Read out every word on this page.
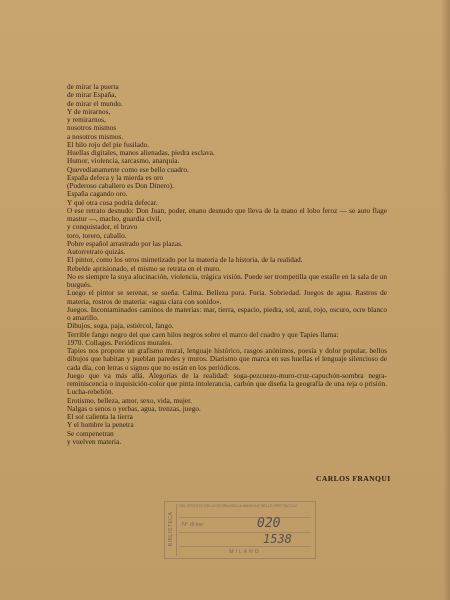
de mirar la puerta
de mirar España,
de mirar el mundo.
Y de mirarnos,
y remirarnos,
nosotros mismos
a nosotros mismos.
El hilo rojo del pie fusilado.
Huellas digitales, manos alienadas, piedra esclava.
Humor, violencia, sarcasmo, anarquía.
Quevedianamente como ese bello cuadro.
España defeca y la mierda es oro
(Poderoso caballero es Don Dinero).
España cagando oro.
Y qué otra cosa podría defecar.
O ese retrato desnudo: Don Juan, poder, enano desnudo que lleva de la mano el lobo feroz — se auto flage mastur —, macho, guardia civil,
y conquistador, el bravo
toro, torero, caballo.
Pobre español arrastrado por las plazas.
Autorretrato quizás.
El pintor, como los otros mimetizado por la materia de la historia, de la realidad.
Rebelde aprisionado, el mismo se retrata en el muro.
No es siempre la suya alucinación, violencia, trágica visión. Puede ser trompetilla que estalle en la sala de un burgués.
Luego el pintor se serenat, se sueña. Calma. Belleza pura. Furia. Sobriedad. Juegos de agua. Rastros de materia, rostros de materia: «agua clara con sonido».
Juegos. Incontaminados caminos de materias: mar, tierra, espacio, piedra, sol, azul, rojo, oscuro, ocre blanco o amarillo.
Dibujos, soga, paja, estiércol, fango.
Terrible fango negro del que caen hilos negros sobre el marco del cuadro y que Tapies llama:
1970. Collages. Periódicos murales.
Tapies nos propone un grafismo mural, lenguaje histórico, rasgos anónimos, poesía y dolor popular, bellos dibujos que habitan y pueblan paredes y muros. Diarismo que marca en sus huellas el lenguaje silencioso de cada día, con letras o signos que no están en los periódicos.
Juego que va más allá. Alegorías de la realidad: soga-pezcuezo-muro-cruz-capuchón-sombra negra-reminiscencia o inquisición-color que pinta intolerancia, carbón que diseña la geografía de una reja o prisión. Lucha-rebelión.
Erotismo, belleza, amor, sexo, vida, mujer.
Nalgas o senos o yerbas, agua, trenzas, juego.
El sol calienta la tierra
Y el hombre la penetra
Se compenetran
y vuelven materia.
CARLOS FRANQUI
BIBLIOTECA
DEL ISTITUTO DELLA STORIA DELLA MUSICA E DELLO SPETTACOLO
N° di inv.	020
1538
MILANO
